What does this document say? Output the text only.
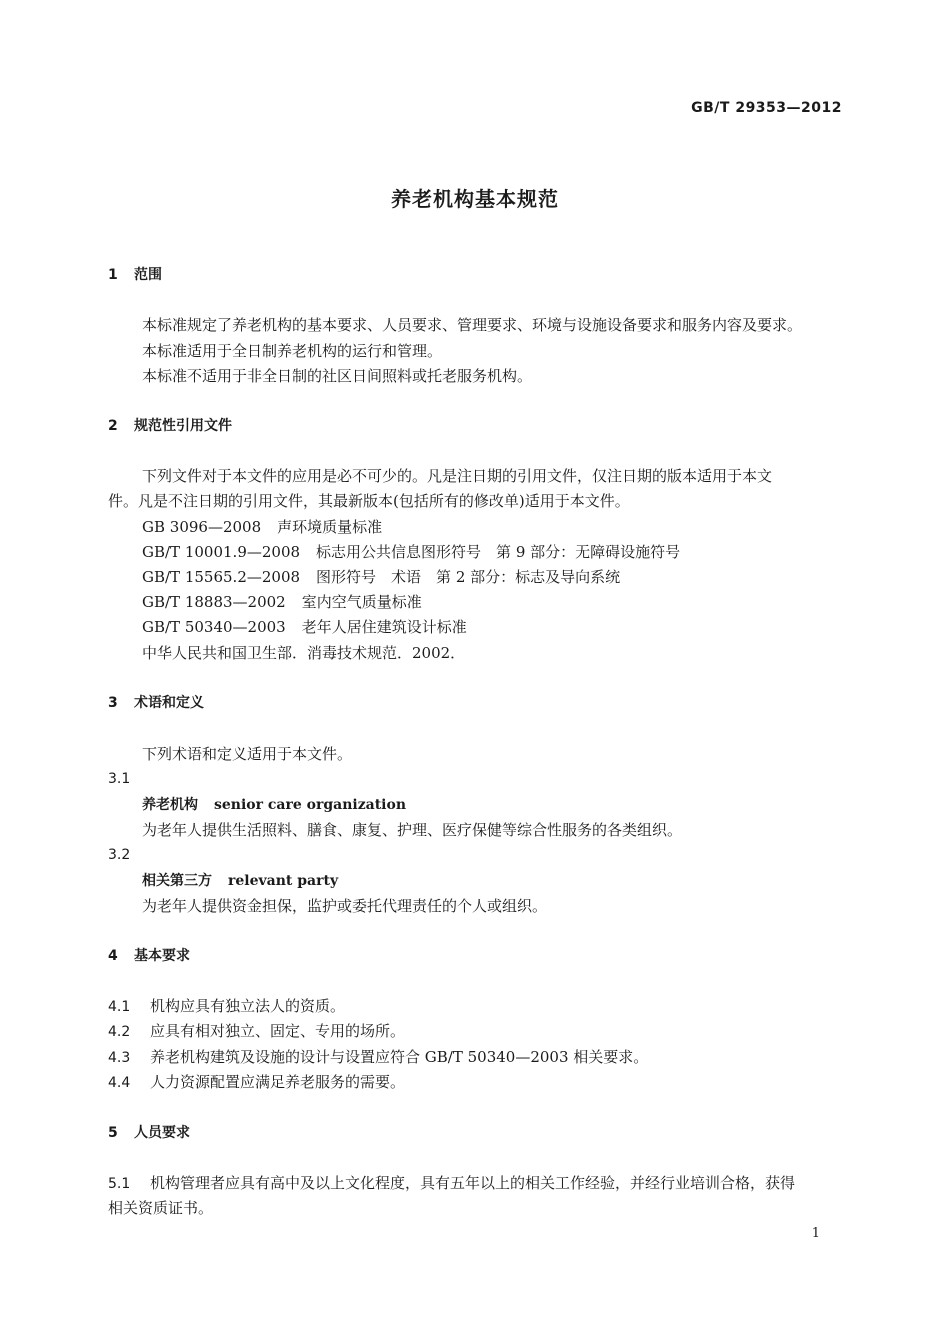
GB/T 29353—2012
养老机构基本规范
1 范围
本标准规定了养老机构的基本要求、人员要求、管理要求、环境与设施设备要求和服务内容及要求。
本标准适用于全日制养老机构的运行和管理。
本标准不适用于非全日制的社区日间照料或托老服务机构。
2 规范性引用文件
下列文件对于本文件的应用是必不可少的。凡是注日期的引用文件，仅注日期的版本适用于本文
件。凡是不注日期的引用文件，其最新版本(包括所有的修改单)适用于本文件。
GB 3096—2008 声环境质量标准
GB/T 10001.9—2008 标志用公共信息图形符号　第 9 部分：无障碍设施符号
GB/T 15565.2—2008 图形符号　术语　第 2 部分：标志及导向系统
GB/T 18883—2002 室内空气质量标准
GB/T 50340—2003 老年人居住建筑设计标准
中华人民共和国卫生部．消毒技术规范．2002．
3 术语和定义
下列术语和定义适用于本文件。
3.1
养老机构 senior care organization
为老年人提供生活照料、膳食、康复、护理、医疗保健等综合性服务的各类组织。
3.2
相关第三方 relevant party
为老年人提供资金担保，监护或委托代理责任的个人或组织。
4 基本要求
4.1 机构应具有独立法人的资质。
4.2 应具有相对独立、固定、专用的场所。
4.3 养老机构建筑及设施的设计与设置应符合 GB/T 50340—2003 相关要求。
4.4 人力资源配置应满足养老服务的需要。
5 人员要求
5.1 机构管理者应具有高中及以上文化程度，具有五年以上的相关工作经验，并经行业培训合格，获得
相关资质证书。
1
